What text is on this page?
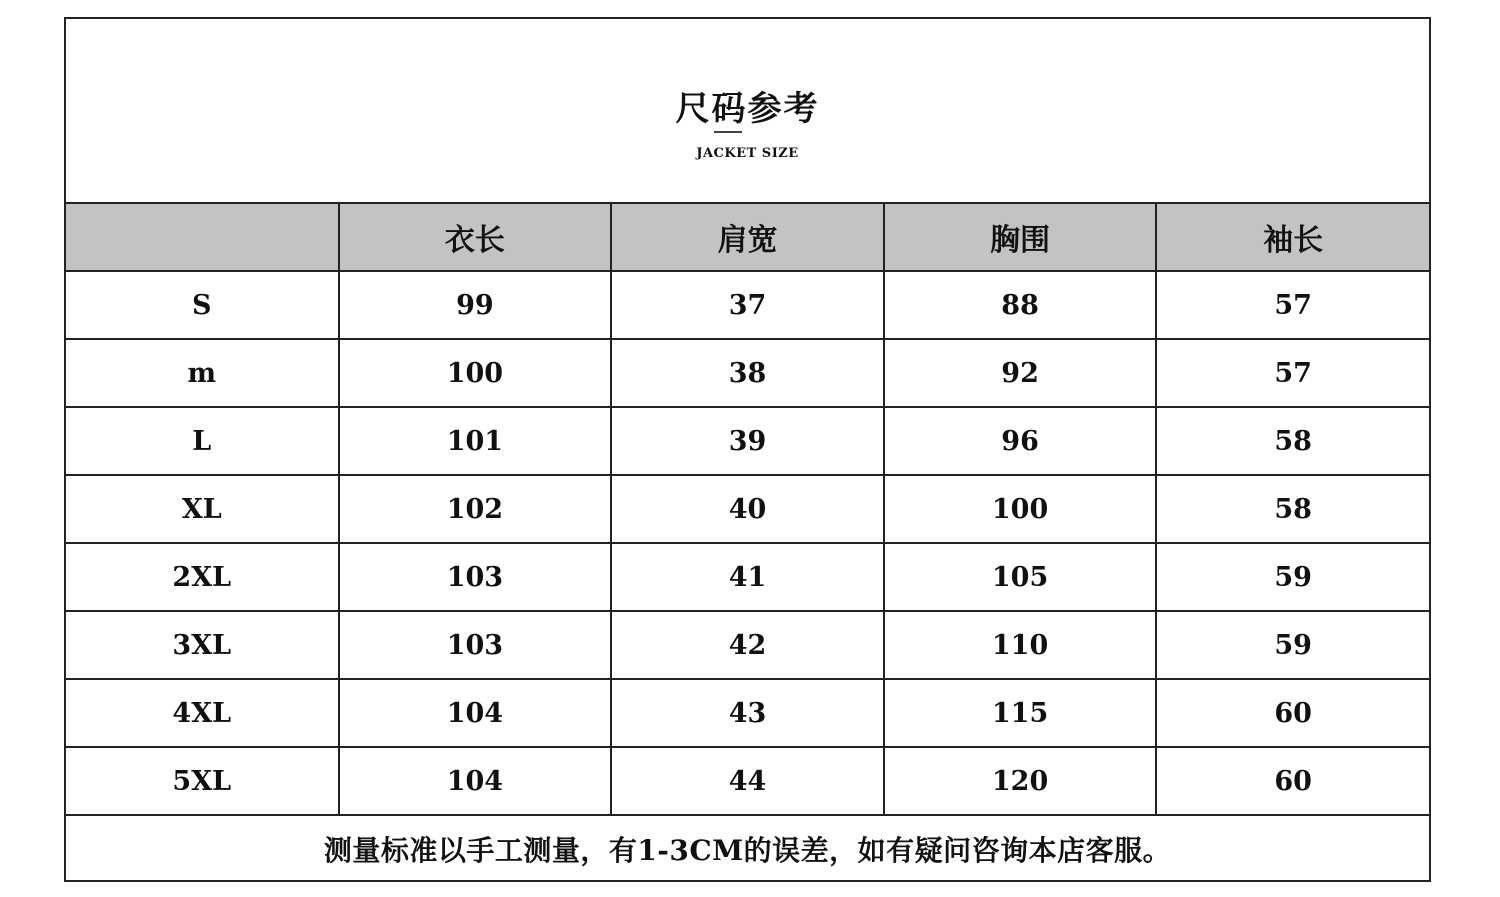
尺码参考
JACKET SIZE
	衣长	肩宽	胸围	袖长
S	99	37	88	57
m	100	38	92	57
L	101	39	96	58
XL	102	40	100	58
2XL	103	41	105	59
3XL	103	42	110	59
4XL	104	43	115	60
5XL	104	44	120	60
测量标准以手工测量，有1-3CM的误差，如有疑问咨询本店客服。				
